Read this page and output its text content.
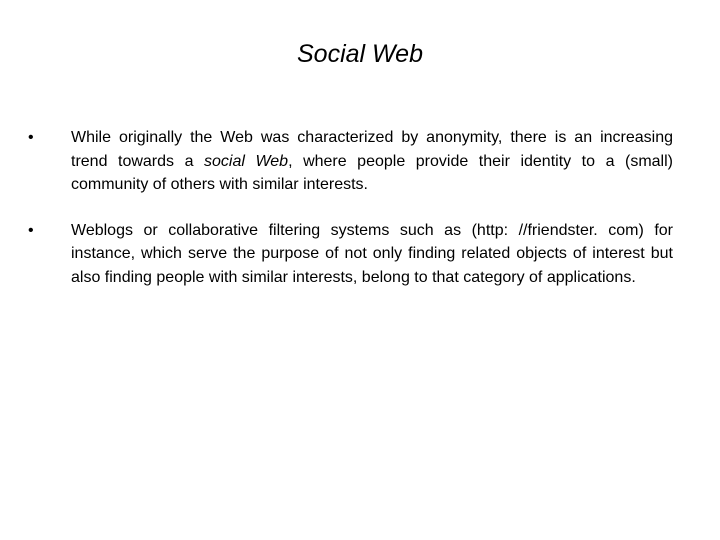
Social Web
•	While originally the Web was characterized by anonymity, there is an increasing trend towards a social Web, where people provide their identity to a (small) community of others with similar interests.
•	Weblogs or collaborative filtering systems such as (http: //friendster. com) for instance, which serve the purpose of not only finding related objects of interest but also finding people with similar interests, belong to that category of applications.
